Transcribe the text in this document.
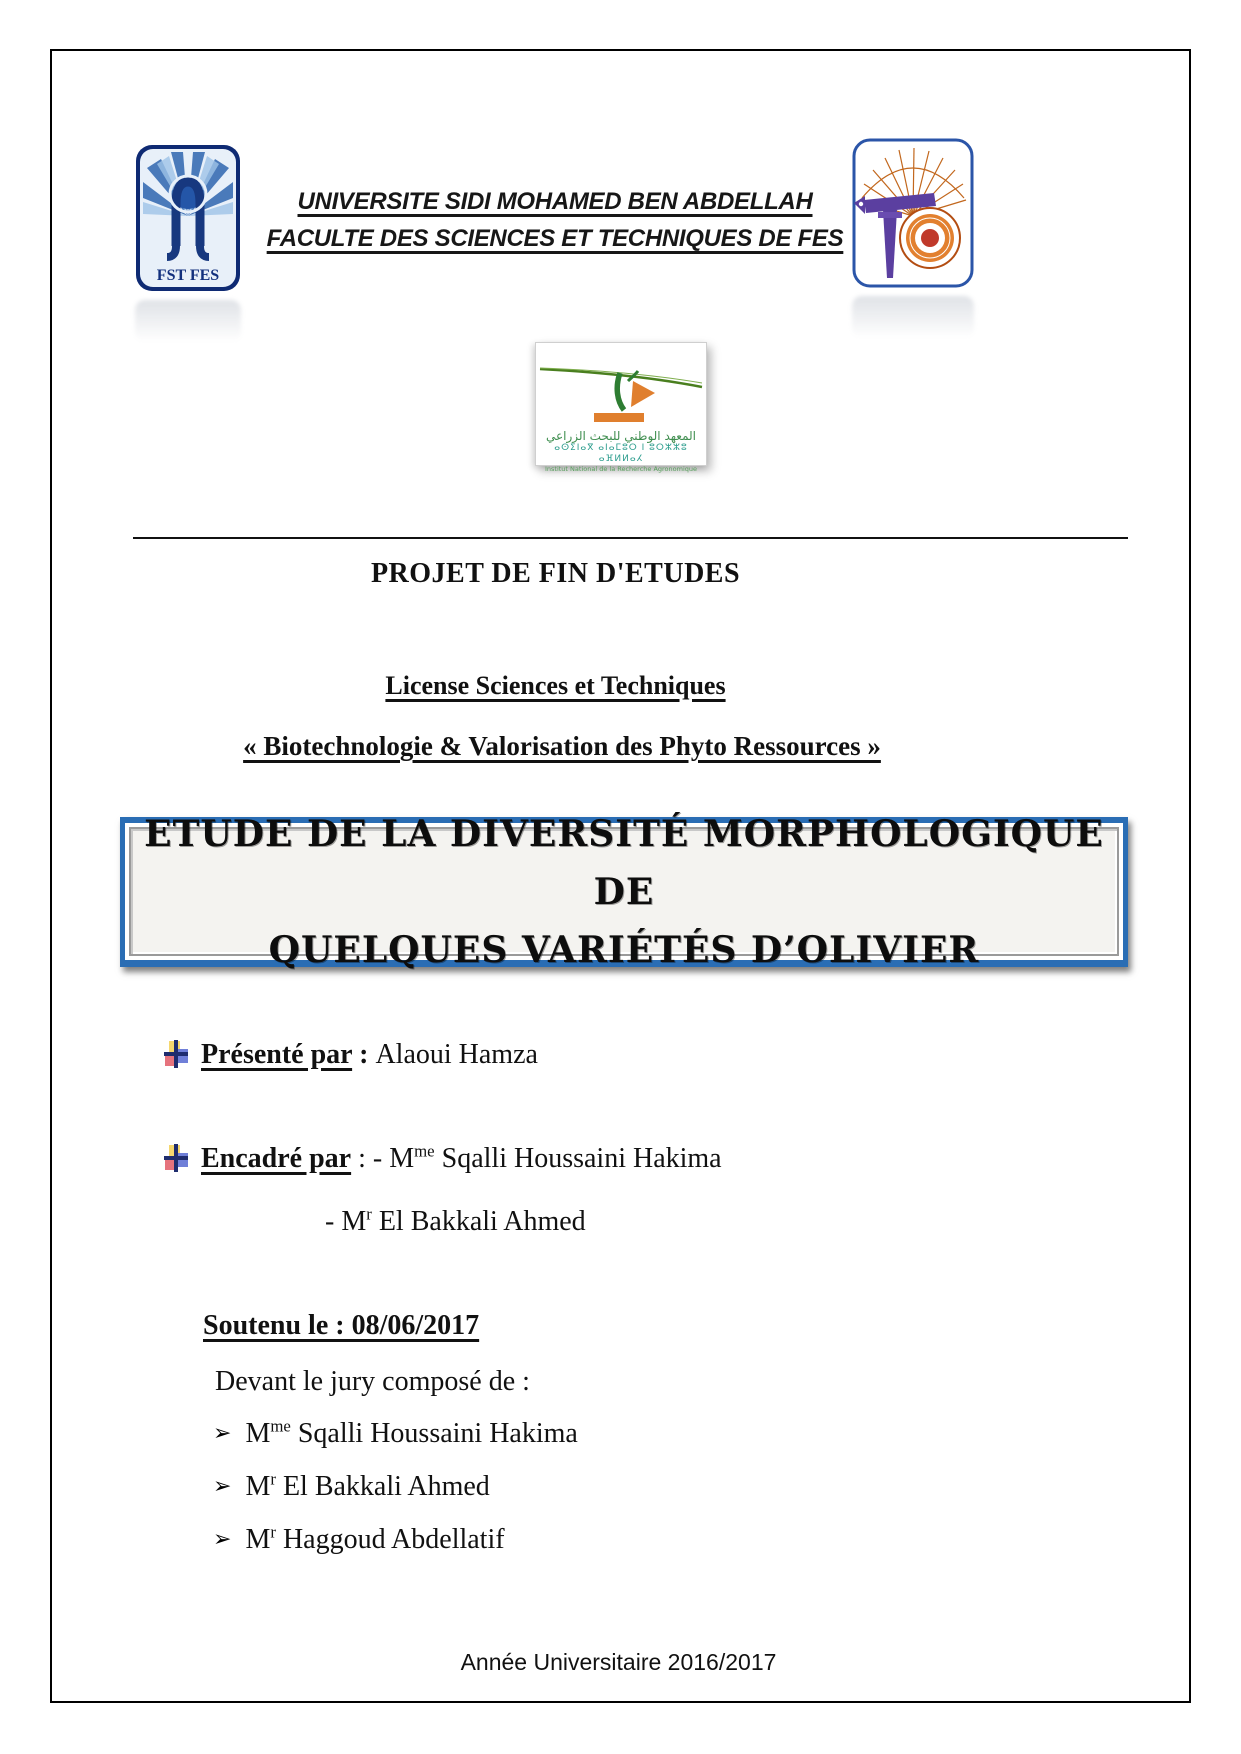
FST FES
UNIVERSITE SIDI MOHAMED BEN ABDELLAH
FACULTE DES SCIENCES ET TECHNIQUES DE FES
المعهد الوطني للبحث الزراعي
ⴰⵙⵉⵏⴰⴳ ⴰⵏⴰⵎⵓⵔ ⵏ ⵓⵔⵣⵣⵓ ⴰⴼⵍⵍⴰⵃ
Institut National de la Recherche Agronomique
PROJET DE FIN D'ETUDES
License Sciences et Techniques
« Biotechnologie & Valorisation des Phyto Ressources »
ETUDE DE LA DIVERSITÉ MORPHOLOGIQUE DE
QUELQUES VARIÉTÉS D’OLIVIER
Présenté par : Alaoui Hamza
Encadré par : - $M^{me}$ Sqalli Houssaini Hakima
- $M^r$ El Bakkali Ahmed
Soutenu le : 08/06/2017
Devant le jury composé de :
➢ $M^{me}$ Sqalli Houssaini Hakima
➢ $M^r$ El Bakkali Ahmed
➢ $M^r$ Haggoud Abdellatif
Année Universitaire 2016/2017
